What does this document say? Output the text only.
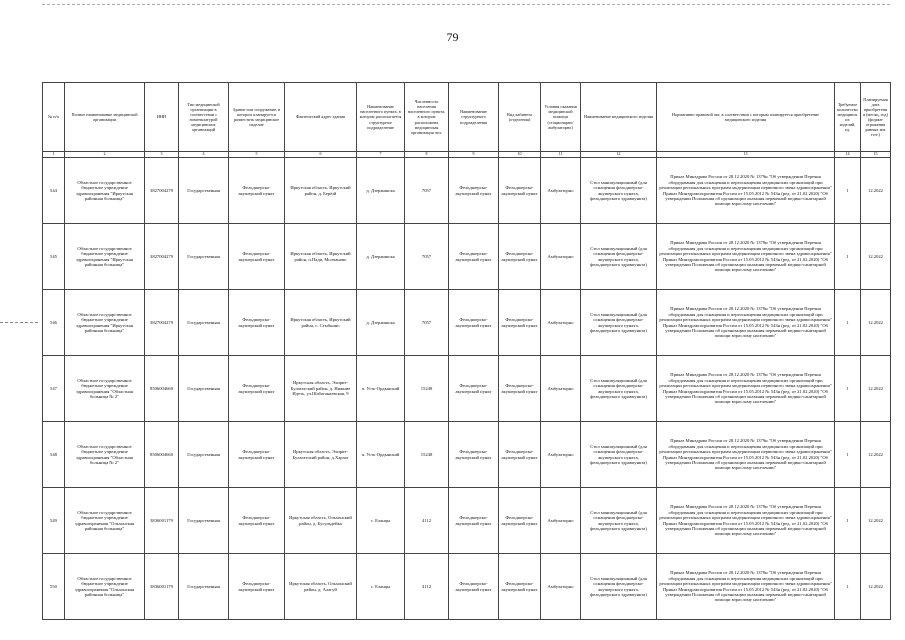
79
№ п/п	Полное наименование медицинской организации	ИНН	Тип медицинской организации в соответствии с номенклатурой медицинских организаций	Здание или сооружение, в котором планируется разместить медицинское изделие	Фактический адрес здания	Наименование населенного пункта, в котором располагается структурное подразделение	Численность населения населенного пункта, в котором расположена медицинская организация чел.	Наименование структурного подразделения	Вид кабинета (отделения)	Условия оказания медицинской помощи (стационарно/амбулаторно)	Наименование медицинского изделия	Нормативно-правовой акт, в соответствии с которым планируется приобретение медицинского изделия	Требуемое количество медицинских изделий, ед.	Планируемая дата приобретения (месяц, год) (формат отражения данных мм. гггг.)
1	2	3	4	5	6	7	8	9	10	11	12	13	14	15
544	Областное государственное бюджетное учреждение здравоохранения "Иркутская районная больница"	3827004279	Государственная	Фельдшерско-акушерский пункт	Иркутская область, Иркутский район, д. Берёзй	д. Дзержинска	7057	Фельдшерско-акушерский пункт	Фельдшерско-акушерский пункт	Амбулаторно	Стол манипуляционный (для оснащения фельдшерско-акушерского пункта, фельдшерского здравпункта)	Приказ Минздрава России от 28.12.2020 № 1379н "Об утверждении Перечня оборудования для оснащения и переоснащения медицинских организаций при реализации региональных программ модернизации первичного звена здравоохранения" Приказ Минздравсоцразвития России от 15.05.2012 № 543н (ред. от 21.02.2020) "Об утверждении Положения об организации оказания первичной медико-санитарной помощи взрослому населению"	1	12.2022
545	Областное государственное бюджетное учреждение здравоохранения "Иркутская районная больница"	3827004279	Государственная	Фельдшерско-акушерский пункт	Иркутская область, Иркутский район, п.Пади, Молчаново	д. Дзержинска	7057	Фельдшерско-акушерский пункт	Фельдшерско-акушерский пункт	Амбулаторно	Стол манипуляционный (для оснащения фельдшерско-акушерского пункта, фельдшерского здравпункта)	Приказ Минздрава России от 28.12.2020 № 1379н "Об утверждении Перечня оборудования для оснащения и переоснащения медицинских организаций при реализации региональных программ модернизации первичного звена здравоохранения" Приказ Минздравсоцразвития России от 15.05.2012 № 543н (ред. от 21.02.2020) "Об утверждении Положения об организации оказания первичной медико-санитарной помощи взрослому населению"	1	12.2022
546	Областное государственное бюджетное учреждение здравоохранения "Иркутская районная больница"	3827004279	Государственная	Фельдшерско-акушерский пункт	Иркутская область, Иркутский район, с. Стыбкино	д. Дзержинска	7057	Фельдшерско-акушерский пункт	Фельдшерско-акушерский пункт	Амбулаторно	Стол манипуляционный (для оснащения фельдшерско-акушерского пункта, фельдшерского здравпункта)	Приказ Минздрава России от 28.12.2020 № 1379н "Об утверждении Перечня оборудования для оснащения и переоснащения медицинских организаций при реализации региональных программ модернизации первичного звена здравоохранения" Приказ Минздравсоцразвития России от 15.05.2012 № 543н (ред. от 21.02.2020) "Об утверждении Положения об организации оказания первичной медико-санитарной помощи взрослому населению"	1	12.2022
547	Областное государственное бюджетное учреждение здравоохранения "Областная больница № 2"	8506004660	Государственная	Фельдшерско-акушерский пункт	Иркутская область, Эхирит-Булагатский район, д. Нижние Идеть, ул.Шабаганаевская, 9	п. Усть-Ордынский	15248	Фельдшерско-акушерский пункт	Фельдшерско-акушерский пункт	Амбулаторно	Стол манипуляционный (для оснащения фельдшерско-акушерского пункта, фельдшерского здравпункта)	Приказ Минздрава России от 28.12.2020 № 1379н "Об утверждении Перечня оборудования для оснащения и переоснащения медицинских организаций при реализации региональных программ модернизации первичного звена здравоохранения" Приказ Минздравсоцразвития России от 15.05.2012 № 543н (ред. от 21.02.2020) "Об утверждении Положения об организации оказания первичной медико-санитарной помощи взрослому населению"	1	12.2022
548	Областное государственное бюджетное учреждение здравоохранения "Областная больница № 2"	8506004660	Государственная	Фельдшерско-акушерский пункт	Иркутская область, Эхирит-Булагатский район, д.Харзат	п. Усть-Ордынский	15248	Фельдшерско-акушерский пункт	Фельдшерско-акушерский пункт	Амбулаторно	Стол манипуляционный (для оснащения фельдшерско-акушерского пункта, фельдшерского здравпункта)	Приказ Минздрава России от 28.12.2020 № 1379н "Об утверждении Перечня оборудования для оснащения и переоснащения медицинских организаций при реализации региональных программ модернизации первичного звена здравоохранения" Приказ Минздравсоцразвития России от 15.05.2012 № 543н (ред. от 21.02.2020) "Об утверждении Положения об организации оказания первичной медико-санитарной помощи взрослому населению"	1	12.2022
549	Областное государственное бюджетное учреждение здравоохранения "Ольхонская районная больница"	3836001179	Государственная	Фельдшерско-акушерский пункт	Иркутская область, Ольхонский район, д. Бугульдейка	с. Еланцы	4112	Фельдшерско-акушерский пункт	Фельдшерско-акушерский пункт	Амбулаторно	Стол манипуляционный (для оснащения фельдшерско-акушерского пункта, фельдшерского здравпункта)	Приказ Минздрава России от 28.12.2020 № 1379н "Об утверждении Перечня оборудования для оснащения и переоснащения медицинских организаций при реализации региональных программ модернизации первичного звена здравоохранения" Приказ Минздравсоцразвития России от 15.05.2012 № 543н (ред. от 21.02.2020) "Об утверждении Положения об организации оказания первичной медико-санитарной помощи взрослому населению"	1	12.2022
550	Областное государственное бюджетное учреждение здравоохранения "Ольхонская районная больница"	3836001179	Государственная	Фельдшерско-акушерский пункт	Иркутская область, Ольхонский район, д. Алагуй	с. Еланцы	4112	Фельдшерско-акушерский пункт	Фельдшерско-акушерский пункт	Амбулаторно	Стол манипуляционный (для оснащения фельдшерско-акушерского пункта, фельдшерского здравпункта)	Приказ Минздрава России от 28.12.2020 № 1379н "Об утверждении Перечня оборудования для оснащения и переоснащения медицинских организаций при реализации региональных программ модернизации первичного звена здравоохранения" Приказ Минздравсоцразвития России от 15.05.2012 № 543н (ред. от 21.02.2020) "Об утверждении Положения об организации оказания первичной медико-санитарной помощи взрослому населению"	1	12.2022
